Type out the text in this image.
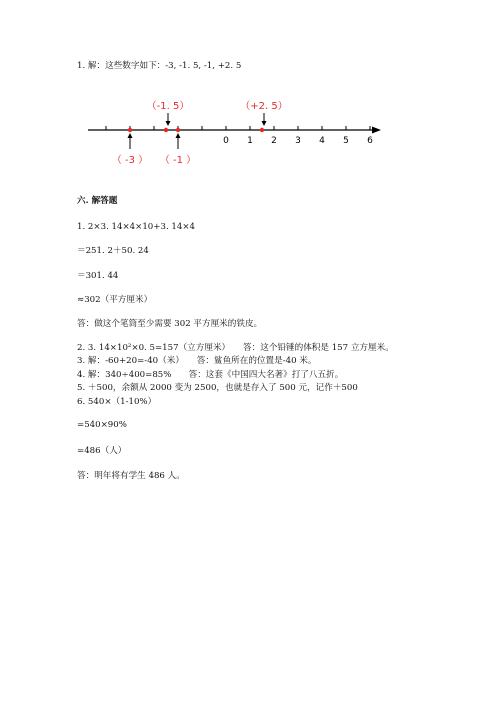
1. 解：这些数字如下：-3, -1. 5, -1, +2. 5
0 1 2 3 4 5 6
（-1. 5）	（+2. 5）
（ -3 ） （ -1 ）
六. 解答题
1. 2×3. 14×4×10+3. 14×4
＝251. 2＋50. 24
＝301. 44
≈302（平方厘米）
答：做这个笔筒至少需要 302 平方厘米的铁皮。
2. 3. 14×10²×0. 5=157（立方厘米）　　答：这个铅锤的体积是 157 立方厘米。
3. 解：-60+20=-40（米）　　答：鲨鱼所在的位置是-40 米。
4. 解：340÷400=85%　　答：这套《中国四大名著》打了八五折。
5. ＋500，余额从 2000 变为 2500，也就是存入了 500 元，记作＋500
6. 540×（1-10%）
=540×90%
=486（人）
答：明年将有学生 486 人。
